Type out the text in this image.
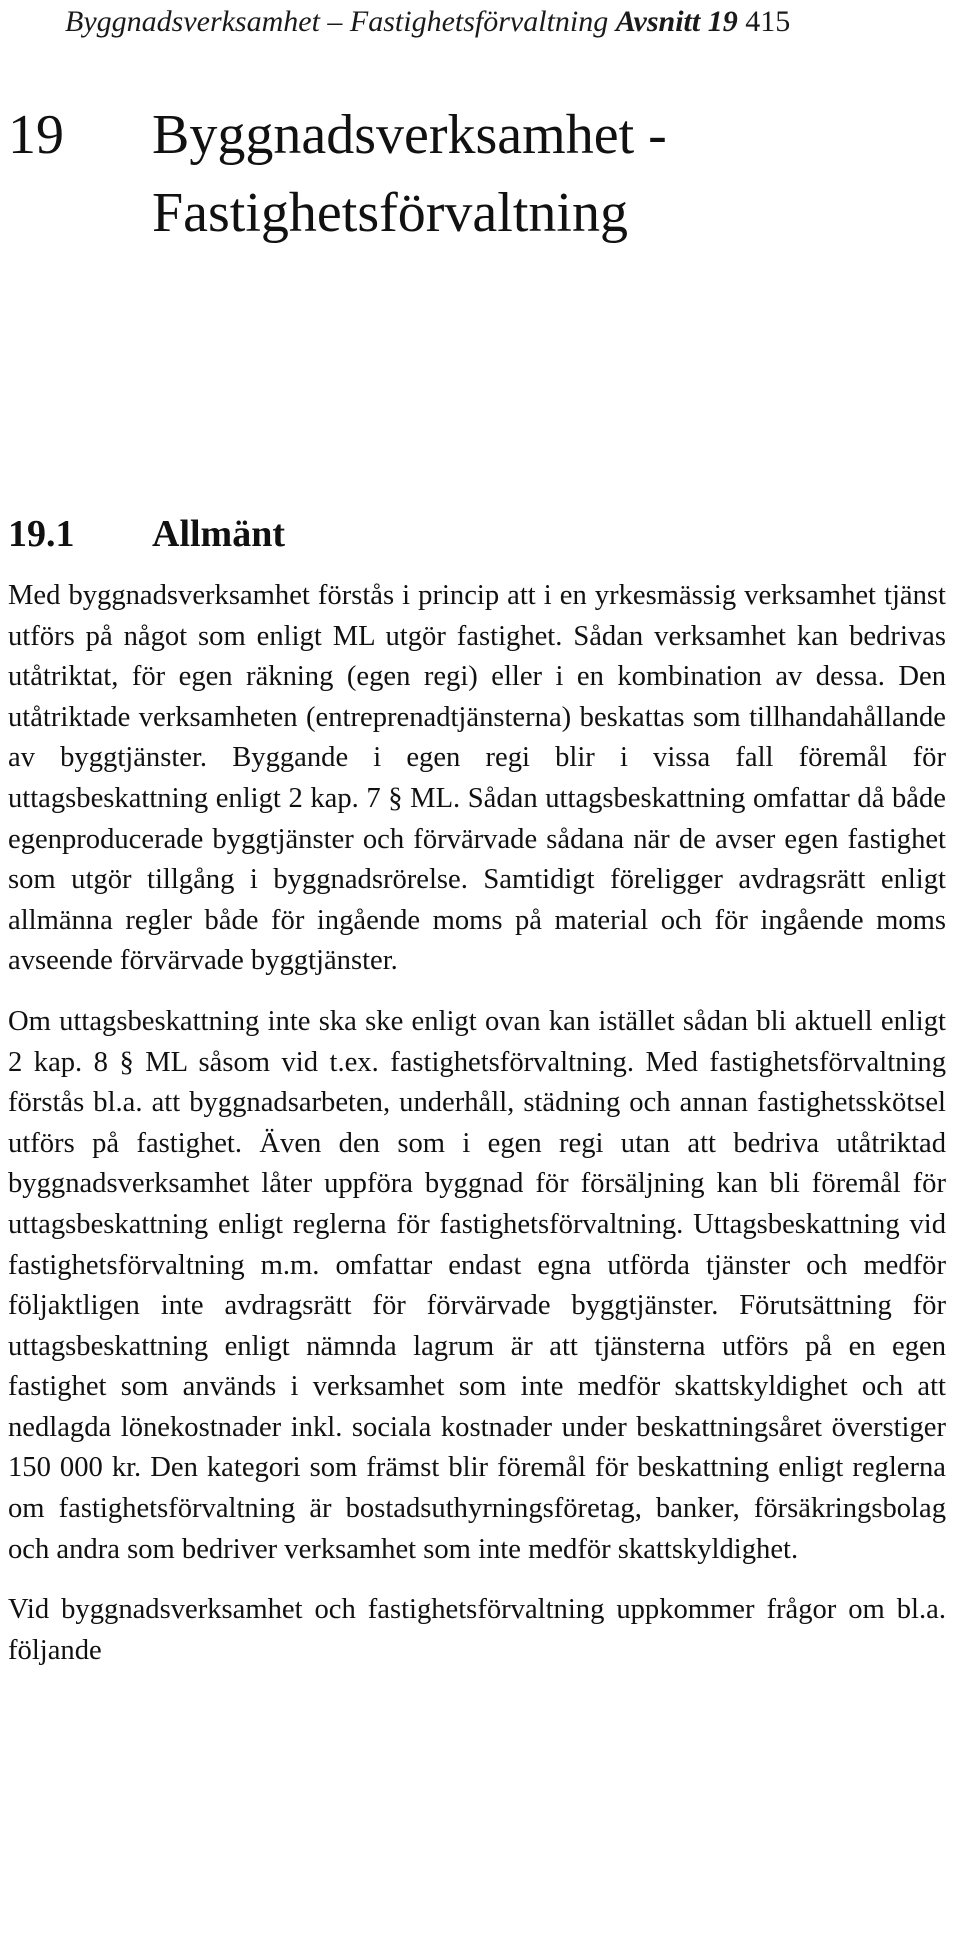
Byggnadsverksamhet – Fastighetsförvaltning Avsnitt 19 415
19	Byggnadsverksamhet - Fastighetsförvaltning
19.1	Allmänt

Med byggnadsverksamhet förstås i princip att i en yrkesmässig verksamhet tjänst utförs på något som enligt ML utgör fastighet. Sådan verksamhet kan bedrivas utåtriktat, för egen räkning (egen regi) eller i en kombination av dessa. Den utåtriktade verksamheten (entreprenadtjänsterna) beskattas som tillhandahållande av byggtjänster. Byggande i egen regi blir i vissa fall föremål för uttagsbeskattning enligt 2 kap. 7 § ML. Sådan uttagsbeskattning omfattar då både egenproducerade byggtjänster och förvärvade sådana när de avser egen fastighet som utgör tillgång i byggnadsrörelse. Samtidigt föreligger avdragsrätt enligt allmänna regler både för ingående moms på material och för ingående moms avseende förvärvade byggtjänster.

Om uttagsbeskattning inte ska ske enligt ovan kan istället sådan bli aktuell enligt 2 kap. 8 § ML såsom vid t.ex. fastighetsförvaltning. Med fastighetsförvaltning förstås bl.a. att byggnadsarbeten, underhåll, städning och annan fastighetsskötsel utförs på fastighet. Även den som i egen regi utan att bedriva utåtriktad byggnadsverksamhet låter uppföra byggnad för försäljning kan bli föremål för uttagsbeskattning enligt reglerna för fastighetsförvaltning. Uttagsbeskattning vid fastighetsförvaltning m.m. omfattar endast egna utförda tjänster och medför följaktligen inte avdragsrätt för förvärvade byggtjänster. Förutsättning för uttagsbeskattning enligt nämnda lagrum är att tjänsterna utförs på en egen fastighet som används i verksamhet som inte medför skattskyldighet och att nedlagda lönekostnader inkl. sociala kostnader under beskattningsåret överstiger 150 000 kr. Den kategori som främst blir föremål för beskattning enligt reglerna om fastighetsförvaltning är bostadsuthyrningsföretag, banker, försäkringsbolag och andra som bedriver verksamhet som inte medför skattskyldighet.

Vid byggnadsverksamhet och fastighetsförvaltning uppkommer frågor om bl.a. följande
